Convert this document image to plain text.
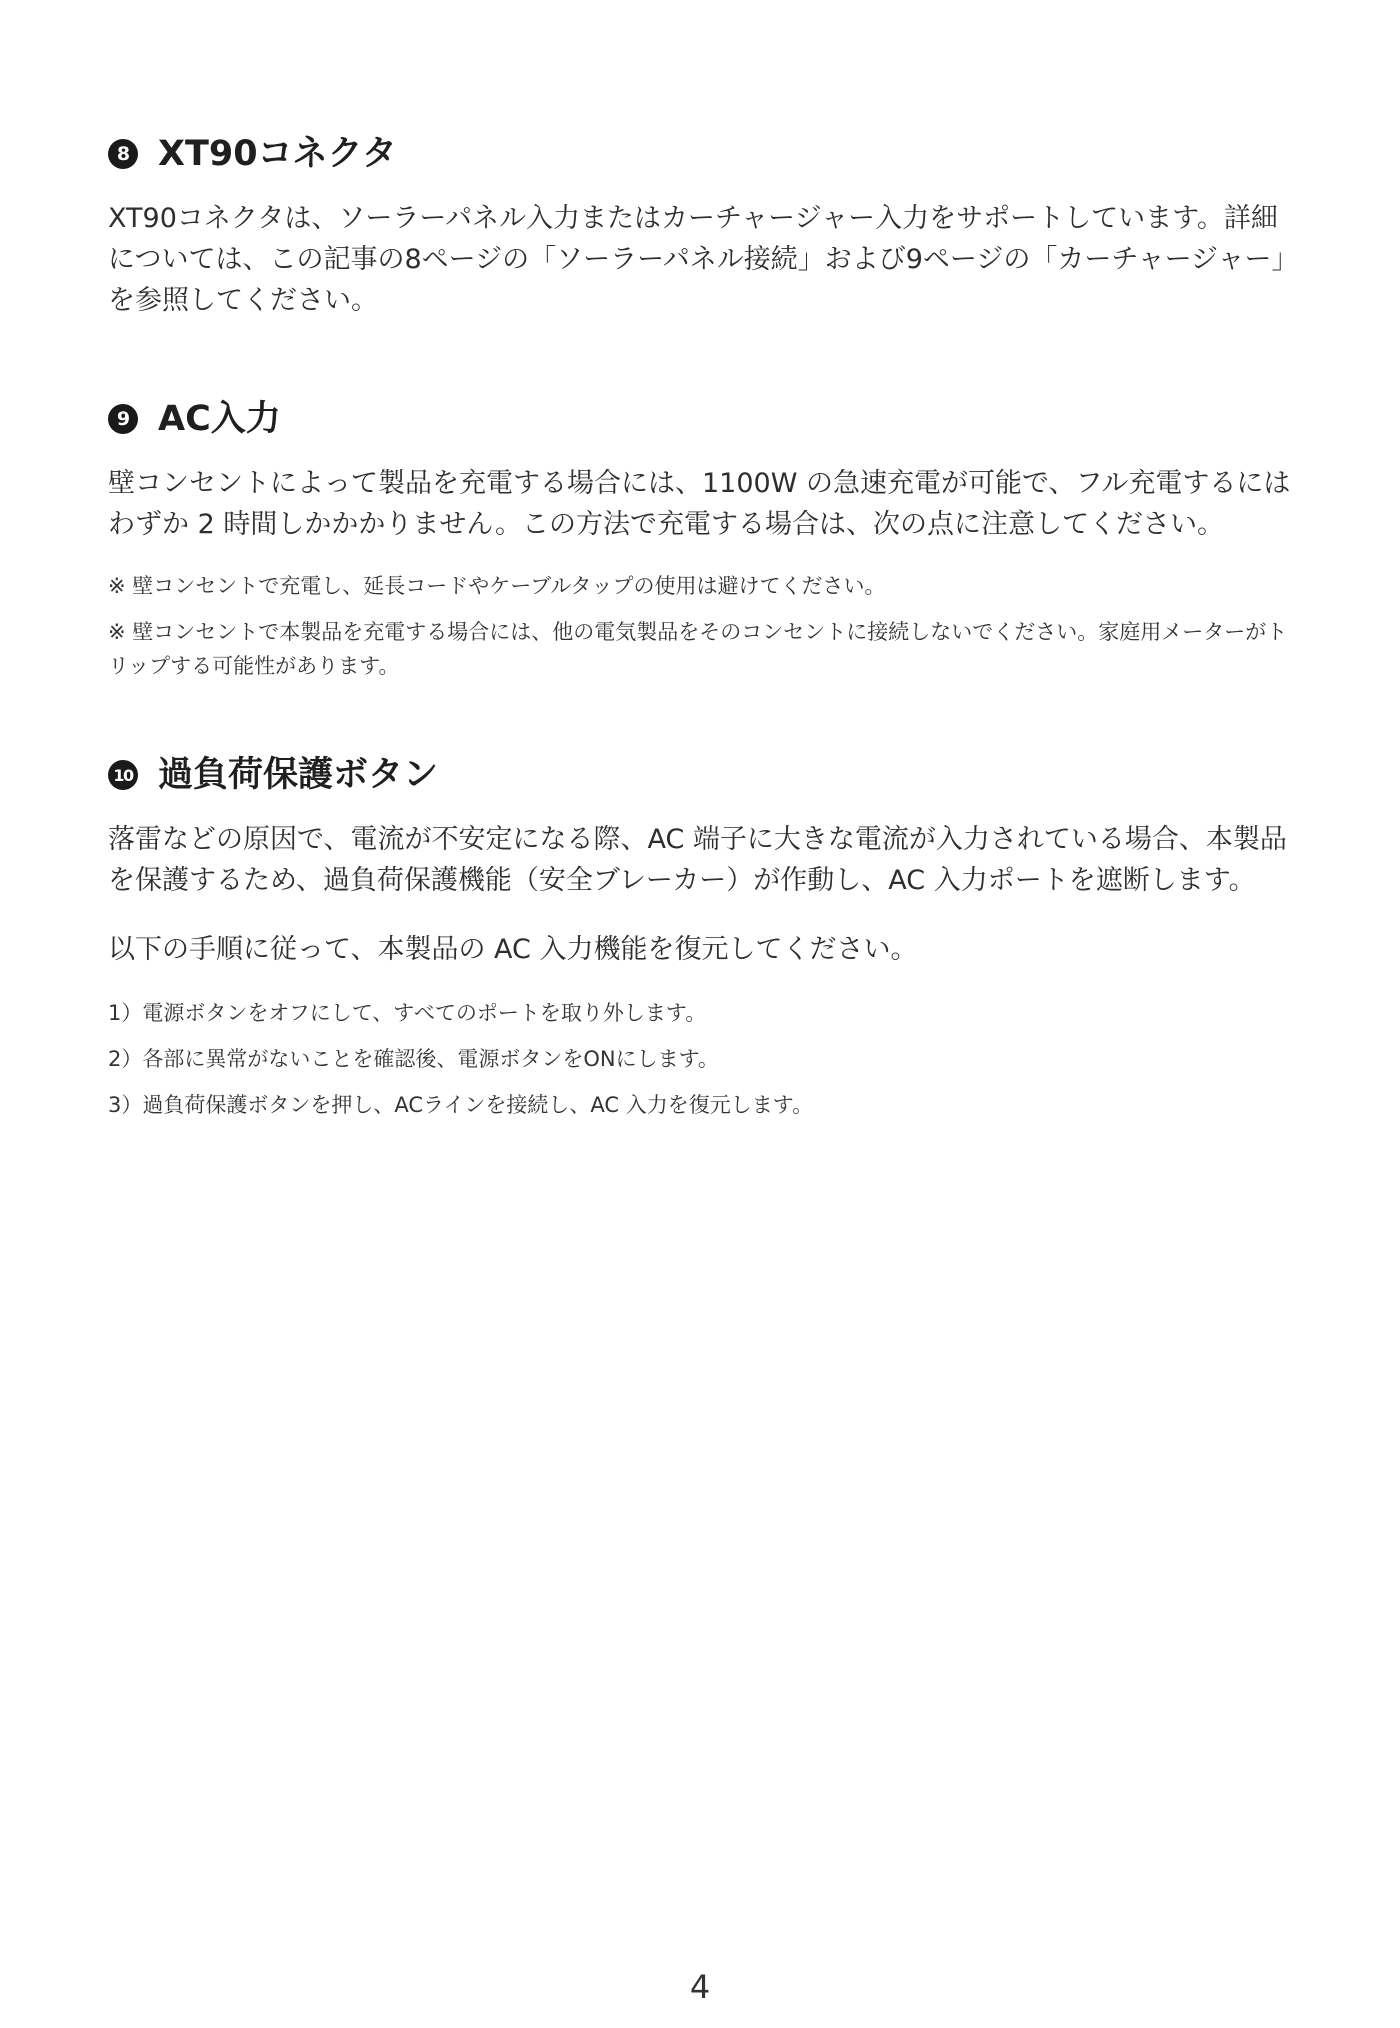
8 XT90コネクタ

XT90コネクタは、ソーラーパネル入力またはカーチャージャー入力をサポートしています。詳細については、この記事の8ページの「ソーラーパネル接続」および9ページの「カーチャージャー」を参照してください。

9 AC入力

壁コンセントによって製品を充電する場合には、1100W の急速充電が可能で、フル充電するにはわずか 2 時間しかかかりません。この方法で充電する場合は、次の点に注意してください。

※ 壁コンセントで充電し、延長コードやケーブルタップの使用は避けてください。

※ 壁コンセントで本製品を充電する場合には、他の電気製品をそのコンセントに接続しないでください。家庭用メーターがトリップする可能性があります。

10 過負荷保護ボタン

落雷などの原因で、電流が不安定になる際、AC 端子に大きな電流が入力されている場合、本製品を保護するため、過負荷保護機能（安全ブレーカー）が作動し、AC 入力ポートを遮断します。

以下の手順に従って、本製品の AC 入力機能を復元してください。

1）電源ボタンをオフにして、すべてのポートを取り外します。
2）各部に異常がないことを確認後、電源ボタンをONにします。
3）過負荷保護ボタンを押し、ACラインを接続し、AC 入力を復元します。
4
